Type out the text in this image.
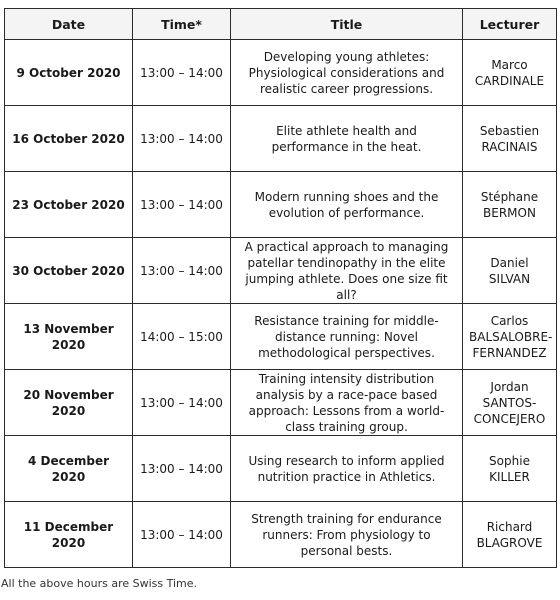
Date	Time*	Title	Lecturer
9 October 2020	13:00 – 14:00	Developing young athletes: Physiological considerations and realistic career progressions.	Marco CARDINALE
16 October 2020	13:00 – 14:00	Elite athlete health and performance in the heat.	Sebastien RACINAIS
23 October 2020	13:00 – 14:00	Modern running shoes and the evolution of performance.	Stéphane BERMON
30 October 2020	13:00 – 14:00	A practical approach to managing patellar tendinopathy in the elite jumping athlete. Does one size fit all?	Daniel SILVAN
13 November 2020	14:00 – 15:00	Resistance training for middle-distance running: Novel methodological perspectives.	Carlos BALSALOBRE-FERNANDEZ
20 November 2020	13:00 – 14:00	Training intensity distribution analysis by a race-pace based approach: Lessons from a world-class training group.	Jordan SANTOS-CONCEJERO
4 December 2020	13:00 – 14:00	Using research to inform applied nutrition practice in Athletics.	Sophie KILLER
11 December 2020	13:00 – 14:00	Strength training for endurance runners: From physiology to personal bests.	Richard BLAGROVE
All the above hours are Swiss Time.
